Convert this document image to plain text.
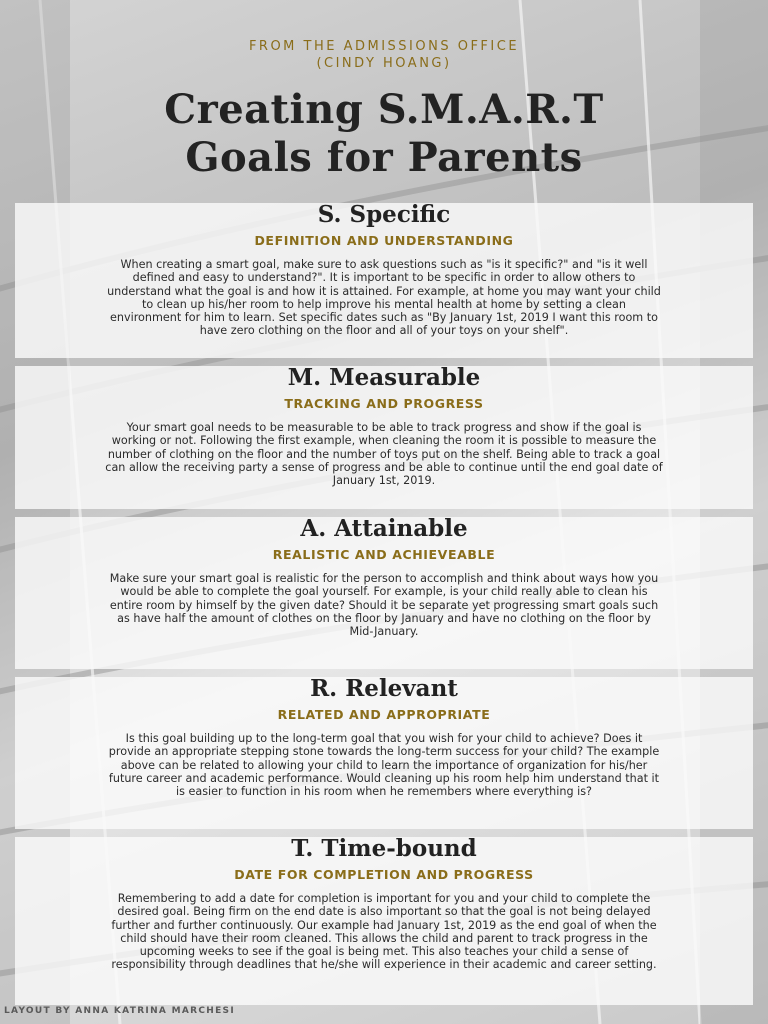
FROM THE ADMISSIONS OFFICE
(CINDY HOANG)
Creating S.M.A.R.T
Goals for Parents
S. Specific
DEFINITION AND UNDERSTANDING
When creating a smart goal, make sure to ask questions such as "is it specific?" and "is it well defined and easy to understand?". It is important to be specific in order to allow others to understand what the goal is and how it is attained. For example, at home you may want your child to clean up his/her room to help improve his mental health at home by setting a clean environment for him to learn. Set specific dates such as "By January 1st, 2019 I want this room to have zero clothing on the floor and all of your toys on your shelf".
M. Measurable
TRACKING AND PROGRESS
Your smart goal needs to be measurable to be able to track progress and show if the goal is working or not. Following the first example, when cleaning the room it is possible to measure the number of clothing on the floor and the number of toys put on the shelf. Being able to track a goal can allow the receiving party a sense of progress and be able to continue until the end goal date of January 1st, 2019.
A. Attainable
REALISTIC AND ACHIEVEABLE
Make sure your smart goal is realistic for the person to accomplish and think about ways how you would be able to complete the goal yourself. For example, is your child really able to clean his entire room by himself by the given date? Should it be separate yet progressing smart goals such as have half the amount of clothes on the floor by January and have no clothing on the floor by Mid-January.
R. Relevant
RELATED AND APPROPRIATE
Is this goal building up to the long-term goal that you wish for your child to achieve? Does it provide an appropriate stepping stone towards the long-term success for your child? The example above can be related to allowing your child to learn the importance of organization for his/her future career and academic performance. Would cleaning up his room help him understand that it is easier to function in his room when he remembers where everything is?
T. Time-bound
DATE FOR COMPLETION AND PROGRESS
Remembering to add a date for completion is important for you and your child to complete the desired goal. Being firm on the end date is also important so that the goal is not being delayed further and further continuously. Our example had January 1st, 2019 as the end goal of when the child should have their room cleaned. This allows the child and parent to track progress in the upcoming weeks to see if the goal is being met. This also teaches your child a sense of responsibility through deadlines that he/she will experience in their academic and career setting.
LAYOUT BY ANNA KATRINA MARCHESI
